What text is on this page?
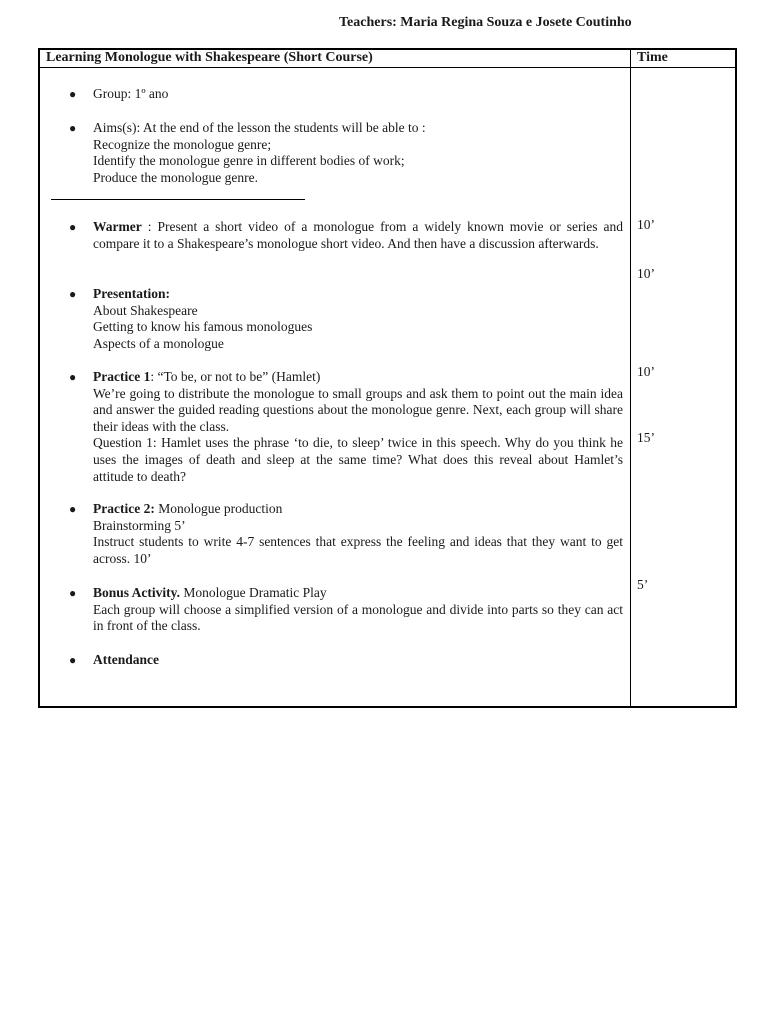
Teachers: Maria Regina Souza e Josete Coutinho
Learning Monologue with Shakespeare (Short Course)	Time
● Group: 1º ano
● Aims(s): At the end of the lesson the students will be able to :
Recognize the monologue genre;
Identify the monologue genre in different bodies of work;
Produce the monologue genre.
● Warmer : Present a short video of a monologue from a widely known movie or series and compare it to a Shakespeare’s monologue short video. And then have a discussion afterwards.
● Presentation:
About Shakespeare
Getting to know his famous monologues
Aspects of a monologue
● Practice 1: “To be, or not to be” (Hamlet)
We’re going to distribute the monologue to small groups and ask them to point out the main idea and answer the guided reading questions about the monologue genre. Next, each group will share their ideas with the class.
Question 1: Hamlet uses the phrase ‘to die, to sleep’ twice in this speech. Why do you think he uses the images of death and sleep at the same time? What does this reveal about Hamlet’s attitude to death?
● Practice 2: Monologue production
Brainstorming 5’
Instruct students to write 4-7 sentences that express the feeling and ideas that they want to get across. 10’
● Bonus Activity. Monologue Dramatic Play
Each group will choose a simplified version of a monologue and divide into parts so they can act in front of the class.
● Attendance
10’
10’
10’
15’
5’
